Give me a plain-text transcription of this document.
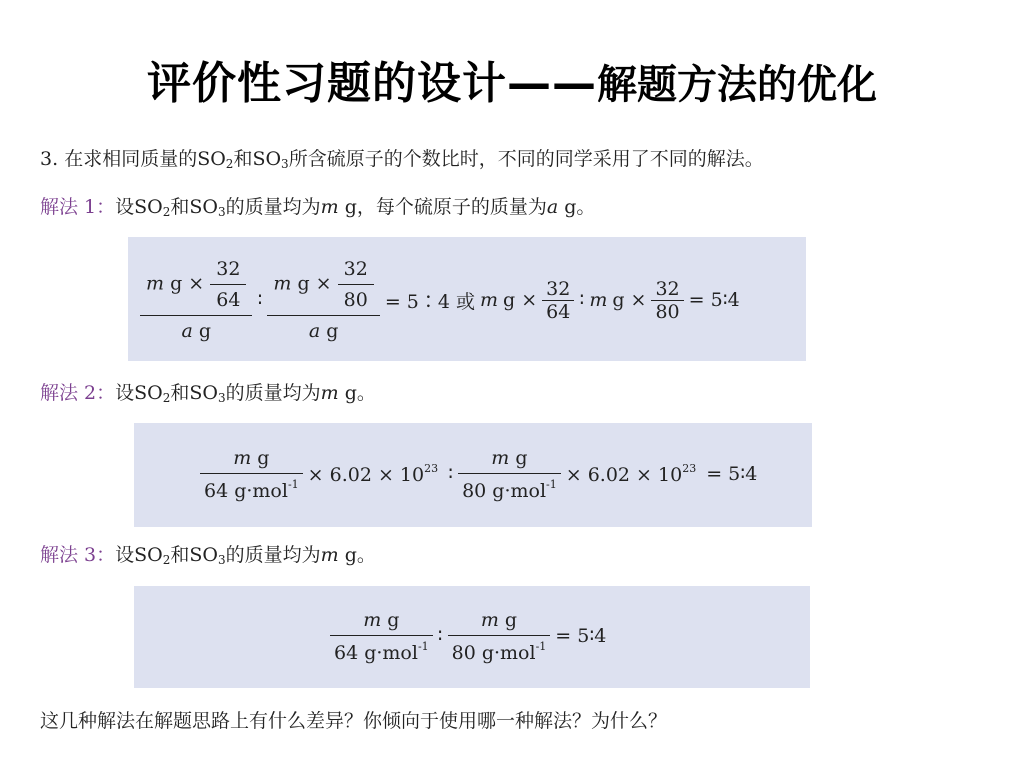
评价性习题的设计——解题方法的优化
3. 在求相同质量的$SO_2$和$SO_3$所含硫原子的个数比时，不同的同学采用了不同的解法。
解法 1：设$SO_2$和$SO_3$的质量均为m g，每个硫原子的质量为a g。
$\frac{m g \times \frac{32}{64}}{\text{a g}}$ ∶ $\frac{m g \times \frac{32}{80}}{\text{a g}}$ = 5∶4 或 m $g \times \frac{32}{64}$ ∶ m $g \times \frac{32}{80}$ = 5∶4
解法 2：设$SO_2$和$SO_3$的质量均为m g。
$\frac{\text{m g}}{64 g\cdot mol^{-1}} \times 6.02 \times 10^{23}$ ∶ $\frac{\text{m g}}{80 g\cdot mol^{-1}} \times 6.02 \times 10^{23}$ = 5∶4
解法 3：设$SO_2$和$SO_3$的质量均为m g。
$\frac{\text{m g}}{64 g\cdot mol^{-1}}$ ∶ $\frac{\text{m g}}{80 g\cdot mol^{-1}}$ = 5∶4
这几种解法在解题思路上有什么差异？你倾向于使用哪一种解法？为什么？
